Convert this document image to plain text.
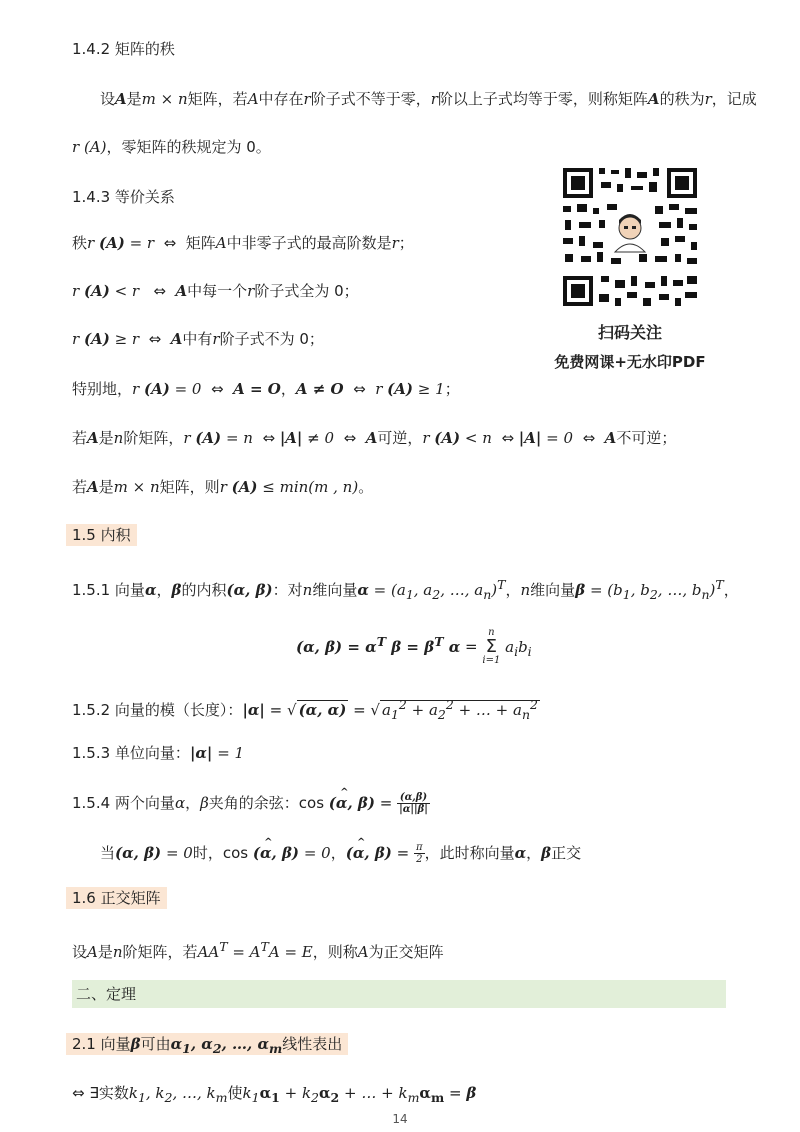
1.4.2 矩阵的秩
设A是m × n矩阵，若A中存在r阶子式不等于零，r阶以上子式均等于零，则称矩阵A的秩为r，记成
r (A)，零矩阵的秩规定为 0。
1.4.3 等价关系
秩r (A) = r  ⇔  矩阵A中非零子式的最高阶数是r；
r (A) < r   ⇔  A中每一个r阶子式全为 0；
r (A) ≥ r  ⇔  A中有r阶子式不为 0；
特别地，r (A) = 0  ⇔  A = O，A ≠ O  ⇔  r (A) ≥ 1；
若A是n阶矩阵，r (A) = n  ⇔ |A| ≠ 0  ⇔  A可逆，r (A) < n  ⇔ |A| = 0  ⇔  A不可逆；
若A是m × n矩阵，则r (A) ≤ min(m , n)。
1.5 内积
1.5.1 向量α，β的内积(α, β)：对n维向量$\alpha = (a_1$, $a_2$, …, $a_n)^T$，n维向量$\beta = (b_1$, $b_2$, …, $b_n)^T$，
(α, $\beta) = \alpha^T$ $\beta = \beta^T$ α = n
Σ
i=1 $a_ib_i$
1.5.2 向量的模（长度）：|α| = √ (α, α) = √ $a_1^2 + a_2^2$ + … + $a_n^2$
1.5.3 单位向量：|α| = 1
1.5.4 两个向量α，β夹角的余弦：cos (^ α, $\beta) = \frac{(\alpha,\beta)}{|\alpha||\beta|}$
当(α, β) = 0时，cos (^ α, β) = 0，(^ α, $\beta) = \frac{\pi}{2}$ ，此时称向量α，β正交
1.6 正交矩阵
设A是n阶矩阵，若$AA^T = A^TA = E$，则称A为正交矩阵
二、定理
2.1 向量β可由$\alpha_1$, $\alpha_2$, …, $\alpha_m$线性表出
⇔ ∃实数$k_1$, $k_2$, …, $k_m$使$k_1\alpha_1 + k_2\alpha_2$ + … + $k_m\alpha_m = \beta$
扫码关注
免费网课+无水印PDF
14
